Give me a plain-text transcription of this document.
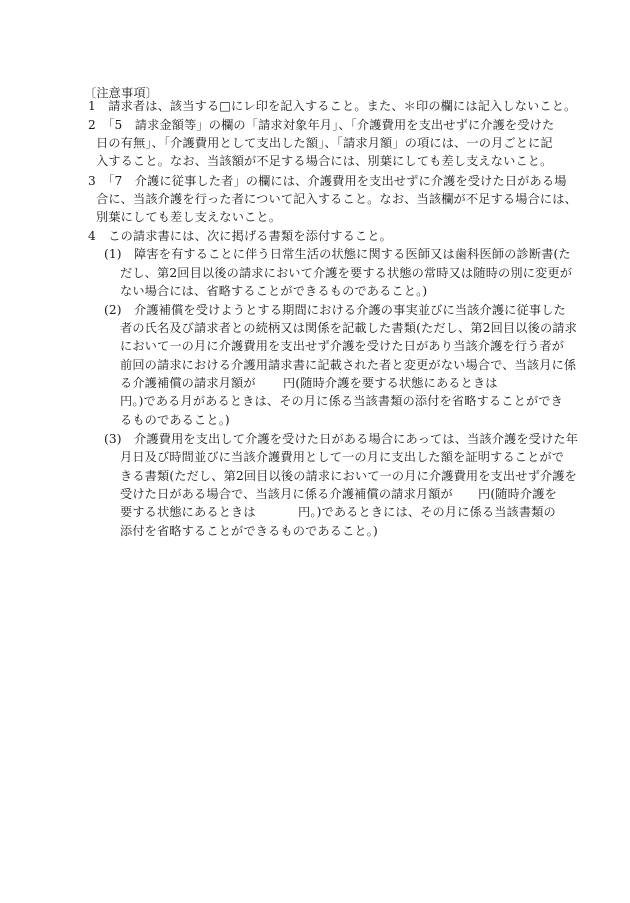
〔注意事項〕
1　請求者は、該当する□にレ印を記入すること。また、＊印の欄には記入しないこと。
2　「5　請求金額等」の欄の「請求対象年月」、「介護費用を支出せずに介護を受けた
日の有無」、「介護費用として支出した額」、「請求月額」の項には、一の月ごとに記
入すること。なお、当該額が不足する場合には、別葉にしても差し支えないこと。
3　「7　介護に従事した者」の欄には、介護費用を支出せずに介護を受けた日がある場
合に、当該介護を行った者について記入すること。なお、当該欄が不足する場合には、
別葉にしても差し支えないこと。
4　この請求書には、次に掲げる書類を添付すること。
(1)　障害を有することに伴う日常生活の状態に関する医師又は歯科医師の診断書(た
だし、第2回目以後の請求において介護を要する状態の常時又は随時の別に変更が
ない場合には、省略することができるものであること。)
(2)　介護補償を受けようとする期間における介護の事実並びに当該介護に従事した
者の氏名及び請求者との続柄又は関係を記載した書類(ただし、第2回目以後の請求
において一の月に介護費用を支出せず介護を受けた日があり当該介護を行う者が
前回の請求における介護用請求書に記載された者と変更がない場合で、当該月に係
る介護補償の請求月額が 円(随時介護を要する状態にあるときは
円。)である月があるときは、その月に係る当該書類の添付を省略することができ
るものであること。)
(3)　介護費用を支出して介護を受けた日がある場合にあっては、当該介護を受けた年
月日及び時間並びに当該介護費用として一の月に支出した額を証明することがで
きる書類(ただし、第2回目以後の請求において一の月に介護費用を支出せず介護を
受けた日がある場合で、当該月に係る介護補償の請求月額が 円(随時介護を
要する状態にあるときは	円。)であるときには、その月に係る当該書類の
添付を省略することができるものであること。)
